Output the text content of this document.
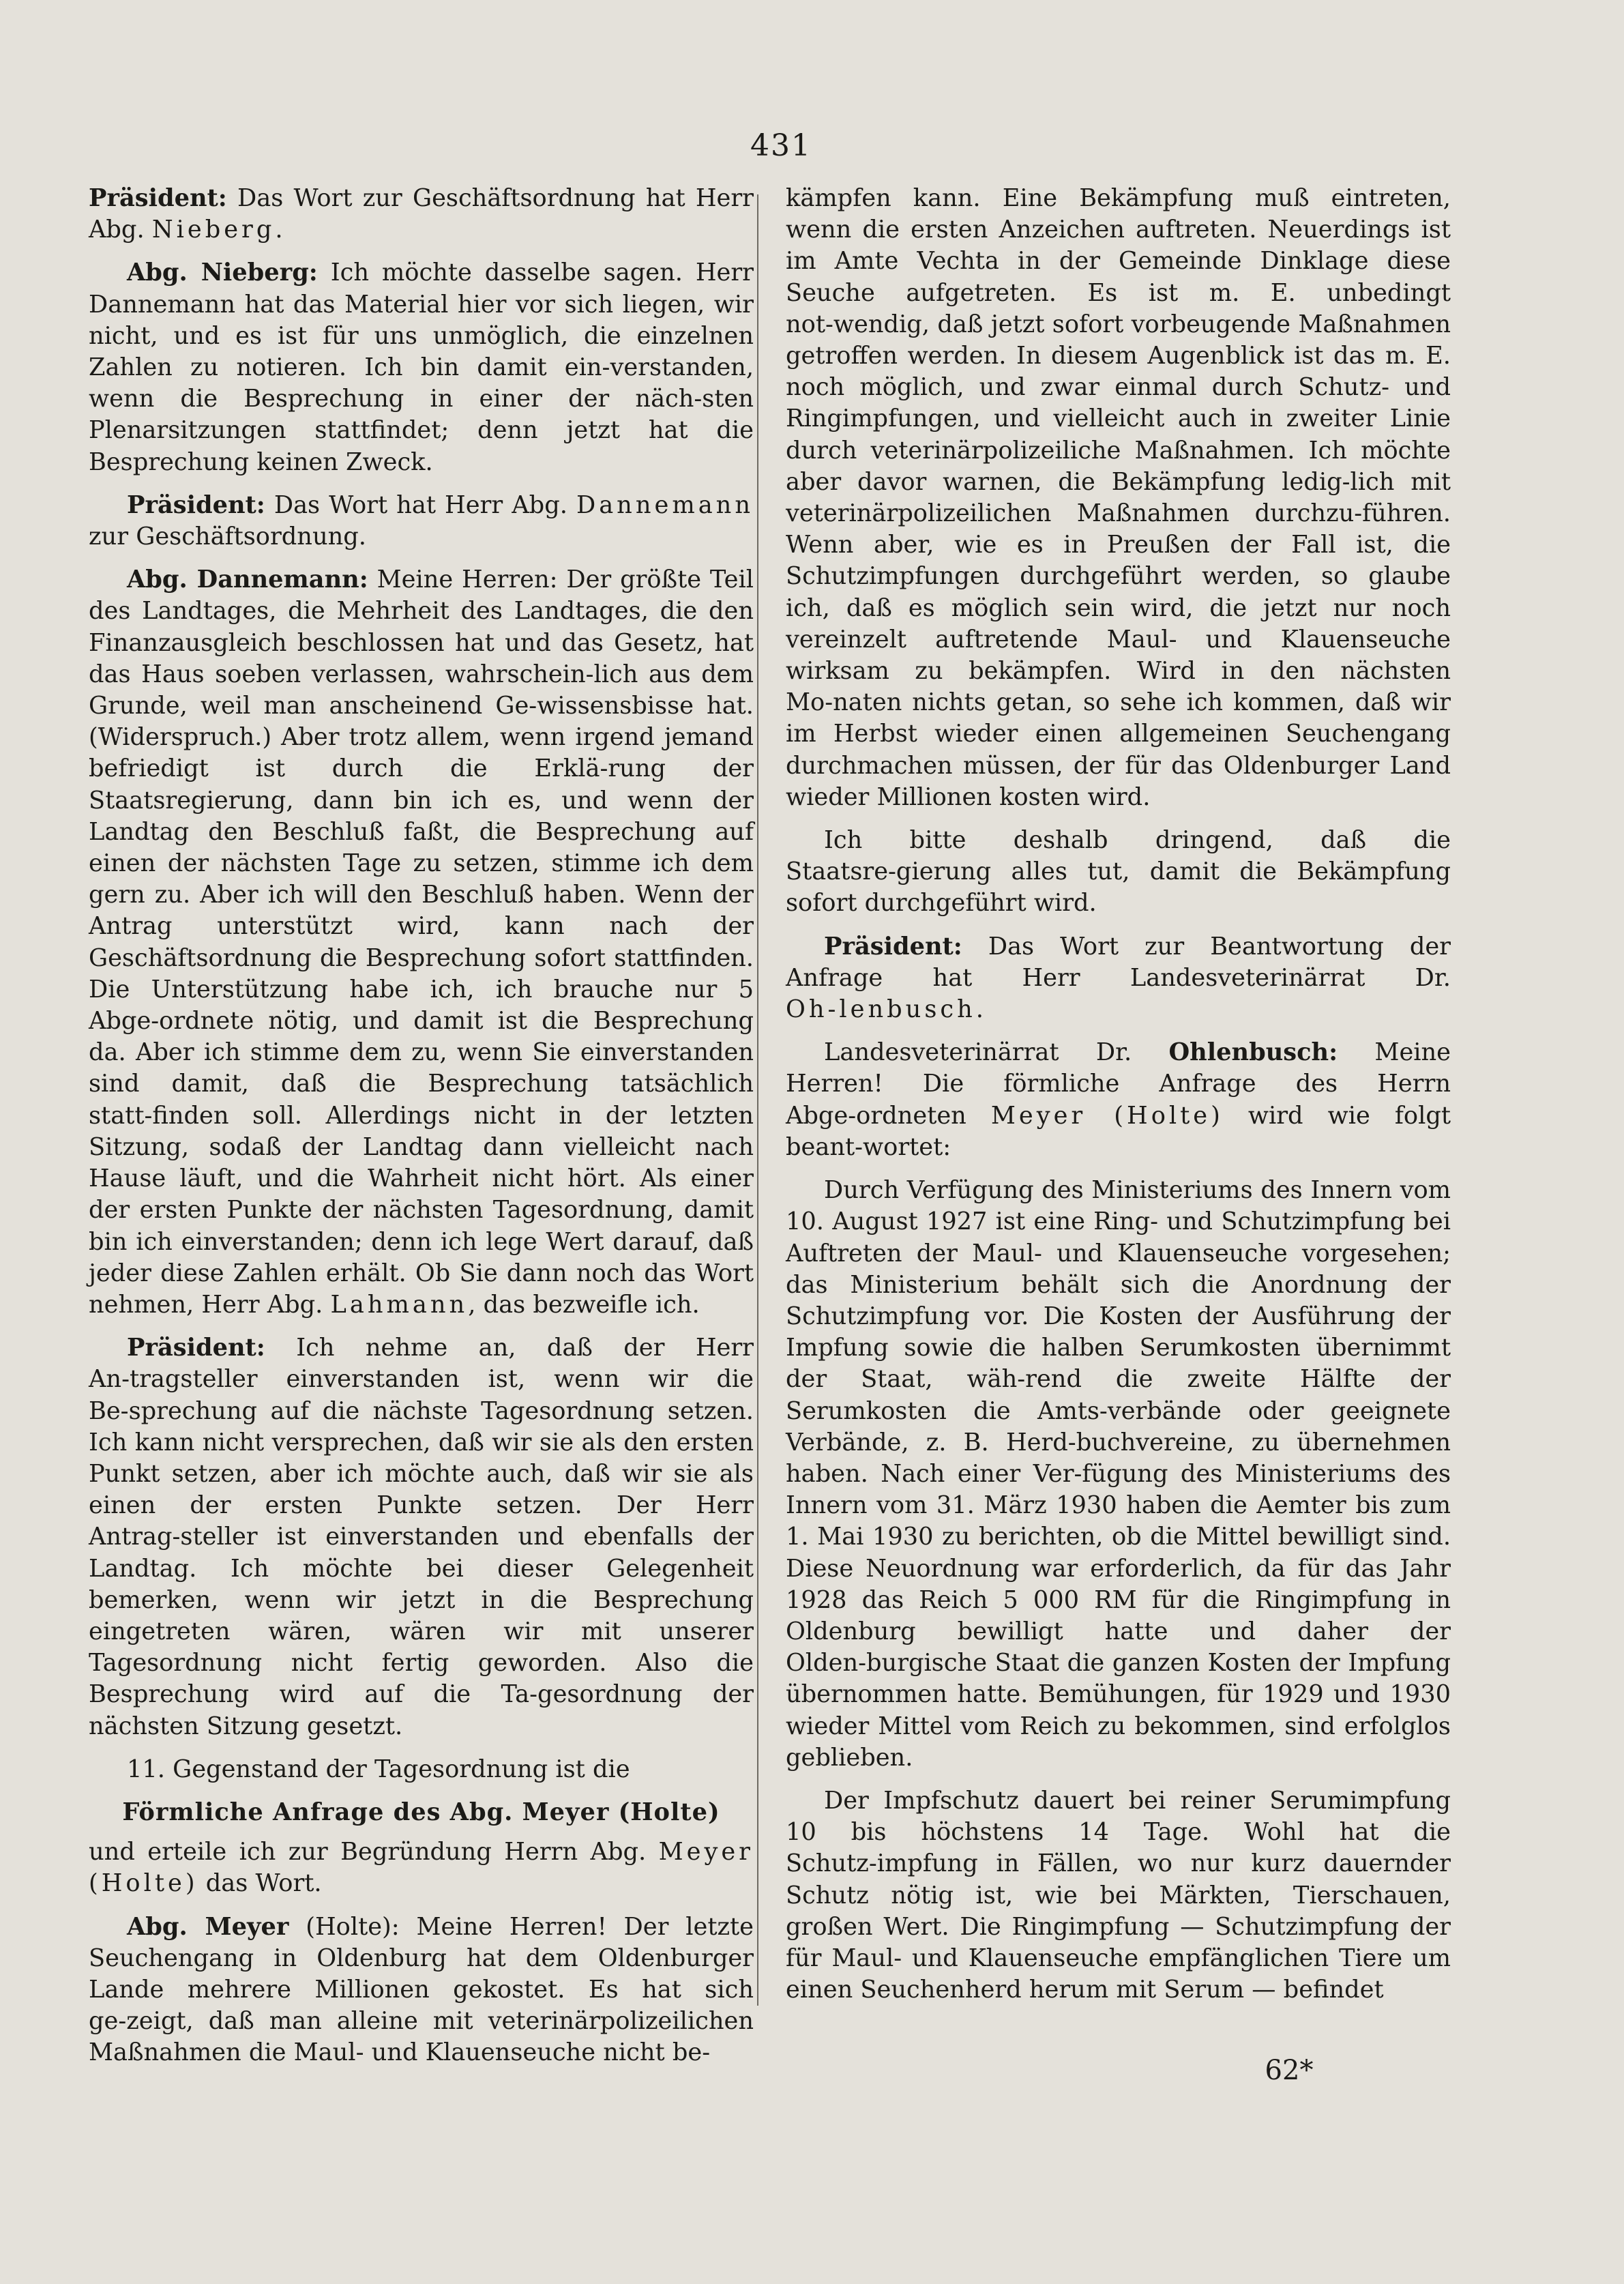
431

Präsident: Das Wort zur Geschäftsordnung hat Herr Abg. Nieberg.

Abg. Nieberg: Ich möchte dasselbe sagen. Herr Dannemann hat das Material hier vor sich liegen, wir nicht, und es ist für uns unmöglich, die einzelnen Zahlen zu notieren. Ich bin damit ein‑verstanden, wenn die Besprechung in einer der näch‑sten Plenarsitzungen stattfindet; denn jetzt hat die Besprechung keinen Zweck.

Präsident: Das Wort hat Herr Abg. Dannemann zur Geschäftsordnung.

Abg. Dannemann: Meine Herren: Der größte Teil des Landtages, die Mehrheit des Landtages, die den Finanzausgleich beschlossen hat und das Gesetz, hat das Haus soeben verlassen, wahrschein‑lich aus dem Grunde, weil man anscheinend Ge‑wissensbisse hat. (Widerspruch.) Aber trotz allem, wenn irgend jemand befriedigt ist durch die Erklä‑rung der Staatsregierung, dann bin ich es, und wenn der Landtag den Beschluß faßt, die Besprechung auf einen der nächsten Tage zu setzen, stimme ich dem gern zu. Aber ich will den Beschluß haben. Wenn der Antrag unterstützt wird, kann nach der Geschäftsordnung die Besprechung sofort stattfinden. Die Unterstützung habe ich, ich brauche nur 5 Abge‑ordnete nötig, und damit ist die Besprechung da. Aber ich stimme dem zu, wenn Sie einverstanden sind damit, daß die Besprechung tatsächlich statt‑finden soll. Allerdings nicht in der letzten Sitzung, sodaß der Landtag dann vielleicht nach Hause läuft, und die Wahrheit nicht hört. Als einer der ersten Punkte der nächsten Tagesordnung, damit bin ich einverstanden; denn ich lege Wert darauf, daß jeder diese Zahlen erhält. Ob Sie dann noch das Wort nehmen, Herr Abg. Lahmann, das bezweifle ich.

Präsident: Ich nehme an, daß der Herr An‑tragsteller einverstanden ist, wenn wir die Be‑sprechung auf die nächste Tagesordnung setzen. Ich kann nicht versprechen, daß wir sie als den ersten Punkt setzen, aber ich möchte auch, daß wir sie als einen der ersten Punkte setzen. Der Herr Antrag‑steller ist einverstanden und ebenfalls der Landtag. Ich möchte bei dieser Gelegenheit bemerken, wenn wir jetzt in die Besprechung eingetreten wären, wären wir mit unserer Tagesordnung nicht fertig geworden. Also die Besprechung wird auf die Ta‑gesordnung der nächsten Sitzung gesetzt.

11. Gegenstand der Tagesordnung ist die

Förmliche Anfrage des Abg. Meyer (Holte)

und erteile ich zur Begründung Herrn Abg. Meyer (Holte) das Wort.

Abg. Meyer (Holte): Meine Herren! Der letzte Seuchengang in Oldenburg hat dem Oldenburger Lande mehrere Millionen gekostet. Es hat sich ge‑zeigt, daß man alleine mit veterinärpolizeilichen Maßnahmen die Maul‑ und Klauenseuche nicht be‑

kämpfen kann. Eine Bekämpfung muß eintreten, wenn die ersten Anzeichen auftreten. Neuerdings ist im Amte Vechta in der Gemeinde Dinklage diese Seuche aufgetreten. Es ist m. E. unbedingt not‑wendig, daß jetzt sofort vorbeugende Maßnahmen getroffen werden. In diesem Augenblick ist das m. E. noch möglich, und zwar einmal durch Schutz‑ und Ringimpfungen, und vielleicht auch in zweiter Linie durch veterinärpolizeiliche Maßnahmen. Ich möchte aber davor warnen, die Bekämpfung ledig‑lich mit veterinärpolizeilichen Maßnahmen durchzu‑führen. Wenn aber, wie es in Preußen der Fall ist, die Schutzimpfungen durchgeführt werden, so glaube ich, daß es möglich sein wird, die jetzt nur noch vereinzelt auftretende Maul‑ und Klauenseuche wirksam zu bekämpfen. Wird in den nächsten Mo‑naten nichts getan, so sehe ich kommen, daß wir im Herbst wieder einen allgemeinen Seuchengang durchmachen müssen, der für das Oldenburger Land wieder Millionen kosten wird.

Ich bitte deshalb dringend, daß die Staatsre‑gierung alles tut, damit die Bekämpfung sofort durchgeführt wird.

Präsident: Das Wort zur Beantwortung der Anfrage hat Herr Landesveterinärrat Dr. Oh‑lenbusch.

Landesveterinärrat Dr. Ohlenbusch: Meine Herren! Die förmliche Anfrage des Herrn Abge‑ordneten Meyer (Holte) wird wie folgt beant‑wortet:

Durch Verfügung des Ministeriums des Innern vom 10. August 1927 ist eine Ring‑ und Schutzimpfung bei Auftreten der Maul‑ und Klauenseuche vorgesehen; das Ministerium behält sich die Anordnung der Schutzimpfung vor. Die Kosten der Ausführung der Impfung sowie die halben Serumkosten übernimmt der Staat, wäh‑rend die zweite Hälfte der Serumkosten die Amts‑verbände oder geeignete Verbände, z. B. Herd‑buchvereine, zu übernehmen haben. Nach einer Ver‑fügung des Ministeriums des Innern vom 31. März 1930 haben die Aemter bis zum 1. Mai 1930 zu berichten, ob die Mittel bewilligt sind. Diese Neuordnung war erforderlich, da für das Jahr 1928 das Reich 5 000 RM für die Ringimpfung in Oldenburg bewilligt hatte und daher der Olden‑burgische Staat die ganzen Kosten der Impfung übernommen hatte. Bemühungen, für 1929 und 1930 wieder Mittel vom Reich zu bekommen, sind erfolglos geblieben.

Der Impfschutz dauert bei reiner Serumimpfung 10 bis höchstens 14 Tage. Wohl hat die Schutz‑impfung in Fällen, wo nur kurz dauernder Schutz nötig ist, wie bei Märkten, Tierschauen, großen Wert. Die Ringimpfung — Schutzimpfung der für Maul‑ und Klauenseuche empfänglichen Tiere um einen Seuchenherd herum mit Serum — befindet

62*
